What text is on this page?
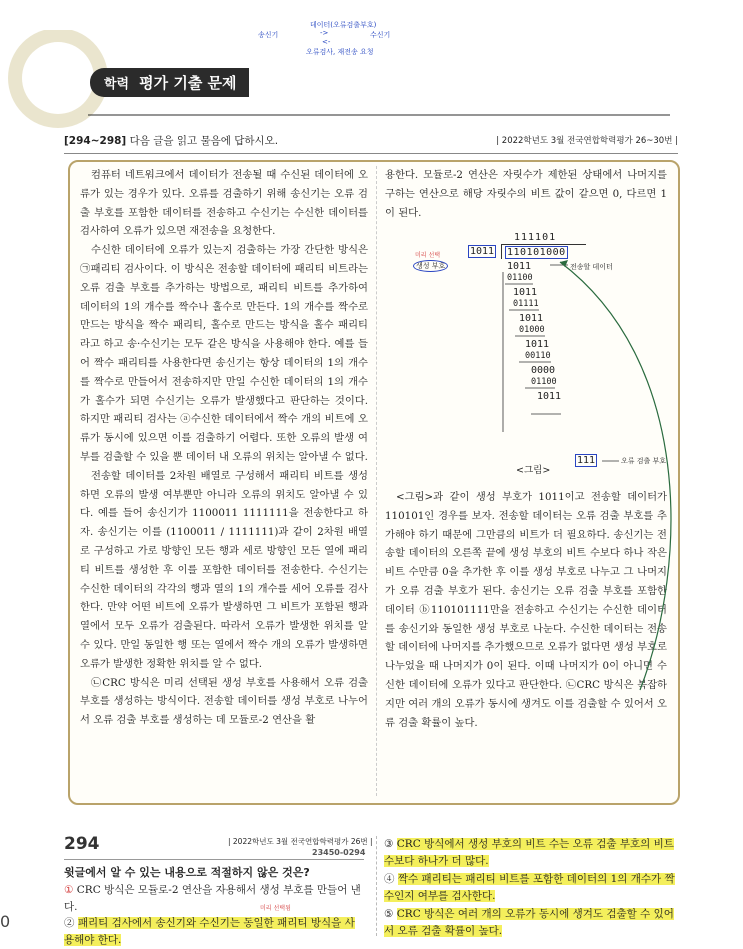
데이터(오류검출부호)
송신기	->	수신기
<-
오류검사, 재전송 요청
학력 평가 기출 문제
[294~298] 다음 글을 읽고 물음에 답하시오.	| 2022학년도 3월 전국연합학력평가 26~30번 |

컴퓨터 네트워크에서 데이터가 전송될 때 수신된 데이터에 오류가 있는 경우가 있다. 오류를 검출하기 위해 송신기는 오류 검출 부호를 포함한 데이터를 전송하고 수신기는 수신한 데이터를 검사하여 오류가 있으면 재전송을 요청한다.

수신한 데이터에 오류가 있는지 검출하는 가장 간단한 방식은 ㉠패리티 검사이다. 이 방식은 전송할 데이터에 패리티 비트라는 오류 검출 부호를 추가하는 방법으로, 패리티 비트를 추가하여 데이터의 1의 개수를 짝수나 홀수로 만든다. 1의 개수를 짝수로 만드는 방식을 짝수 패리티, 홀수로 만드는 방식을 홀수 패리티라고 하고 송·수신기는 모두 같은 방식을 사용해야 한다. 예를 들어 짝수 패리티를 사용한다면 송신기는 항상 데이터의 1의 개수를 짝수로 만들어서 전송하지만 만일 수신한 데이터의 1의 개수가 홀수가 되면 수신기는 오류가 발생했다고 판단하는 것이다. 하지만 패리티 검사는 ⓐ수신한 데이터에서 짝수 개의 비트에 오류가 동시에 있으면 이를 검출하기 어렵다. 또한 오류의 발생 여부를 검출할 수 있을 뿐 데이터 내 오류의 위치는 알아낼 수 없다.

전송할 데이터를 2차원 배열로 구성해서 패리티 비트를 생성하면 오류의 발생 여부뿐만 아니라 오류의 위치도 알아낼 수 있다. 예를 들어 송신기가 1100011 1111111을 전송한다고 하자. 송신기는 이를 (1100011 / 1111111)과 같이 2차원 배열로 구성하고 가로 방향인 모든 행과 세로 방향인 모든 열에 패리티 비트를 생성한 후 이를 포함한 데이터를 전송한다. 수신기는 수신한 데이터의 각각의 행과 열의 1의 개수를 세어 오류를 검사한다. 만약 어떤 비트에 오류가 발생하면 그 비트가 포함된 행과 열에서 모두 오류가 검출된다. 따라서 오류가 발생한 위치를 알 수 있다. 만일 동일한 행 또는 열에서 짝수 개의 오류가 발생하면 오류가 발생한 정확한 위치를 알 수 없다.

㉡CRC 방식은 미리 선택된 생성 부호를 사용해서 오류 검출 부호를 생성하는 방식이다. 전송할 데이터를 생성 부호로 나누어서 오류 검출 부호를 생성하는 데 모듈로-2 연산을 활

용한다. 모듈로-2 연산은 자릿수가 제한된 상태에서 나머지를 구하는 연산으로 해당 자릿수의 비트 값이 같으면 0, 다르면 1이 된다.

111101
미리 선택
생성 부호
1011 110101000
전송할 데이터
1011
01100
1011
01111
1011
01000
1011
00110
0000
01100
1011
111	오류 검출 부호
<그림>

<그림>과 같이 생성 부호가 1011이고 전송할 데이터가 110101인 경우를 보자. 전송할 데이터는 오류 검출 부호를 추가해야 하기 때문에 그만큼의 비트가 더 필요하다. 송신기는 전송할 데이터의 오른쪽 끝에 생성 부호의 비트 수보다 하나 작은 비트 수만큼 0을 추가한 후 이를 생성 부호로 나누고 그 나머지가 오류 검출 부호가 된다. 송신기는 오류 검출 부호를 포함한 데이터 ⓑ110101111만을 전송하고 수신기는 수신한 데이터를 송신기와 동일한 생성 부호로 나눈다. 수신한 데이터는 전송할 데이터에 나머지를 추가했으므로 오류가 없다면 생성 부호로 나누었을 때 나머지가 0이 된다. 이때 나머지가 0이 아니면 수신한 데이터에 오류가 있다고 판단한다. ㉡CRC 방식은 복잡하지만 여러 개의 오류가 동시에 생겨도 이를 검출할 수 있어서 오류 검출 확률이 높다.

294	| 2022학년도 3월 전국연합학력평가 26번 |
23450-0294
윗글에서 알 수 있는 내용으로 적절하지 않은 것은?
미리 선택됨
① CRC 방식은 모듈로-2 연산을 자용해서 생성 부호를 만들어 낸다.
② 패리티 검사에서 송신기와 수신기는 동일한 패리티 방식을 사용해야 한다.
③ CRC 방식에서 생성 부호의 비트 수는 오류 검출 부호의 비트 수보다 하나가 더 많다.
④ 짝수 패리티는 패리티 비트를 포함한 데이터의 1의 개수가 짝수인지 여부를 검사한다.
⑤ CRC 방식은 여러 개의 오류가 동시에 생겨도 검출할 수 있어서 오류 검출 확률이 높다.
0
